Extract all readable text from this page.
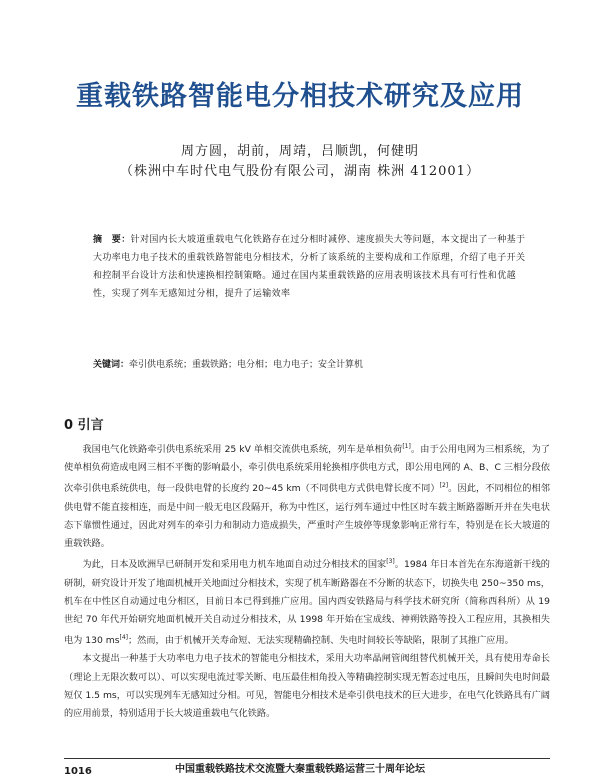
重载铁路智能电分相技术研究及应用
周方圆，胡前，周靖，吕顺凯，何健明
（株洲中车时代电气股份有限公司，湖南 株洲 412001）
摘　要：针对国内长大坡道重载电气化铁路存在过分相时减停、速度损失大等问题，本文提出了一种基于大功率电力电子技术的重载铁路智能电分相技术，分析了该系统的主要构成和工作原理，介绍了电子开关和控制平台设计方法和快速换相控制策略。通过在国内某重载铁路的应用表明该技术具有可行性和优越性，实现了列车无感知过分相，提升了运输效率
关键词：牵引供电系统；重载铁路；电分相；电力电子；安全计算机
0 引言

我国电气化铁路牵引供电系统采用 25 kV 单相交流供电系统，列车是单相负荷[1]。由于公用电网为三相系统，为了使单相负荷造成电网三相不平衡的影响最小，牵引供电系统采用轮换相序供电方式，即公用电网的 A、B、C 三相分段依次牵引供电系统供电，每一段供电臂的长度约 20~45 km（不同供电方式供电臂长度不同）[2]。因此，不同相位的相邻供电臂不能直接相连，而是中间一般无电区段隔开，称为中性区，运行列车通过中性区时车载主断路器断开并在失电状态下靠惯性通过，因此对列车的牵引力和制动力造成损失，严重时产生坡停等现象影响正常行车，特别是在长大坡道的重载铁路。

为此，日本及欧洲早已研制开发和采用电力机车地面自动过分相技术的国家[3]。1984 年日本首先在东海道新干线的研制，研究设计开发了地面机械开关地面过分相技术，实现了机车断路器在不分断的状态下，切换失电 250~350 ms，机车在中性区自动通过电分相区，目前日本已得到推广应用。国内西安铁路局与科学技术研究所（简称西科所）从 19 世纪 70 年代开始研究地面机械开关自动过分相技术，从 1998 年开始在宝成线、神朔铁路等投入工程应用，其换相失电为 130 ms[4]；然而，由于机械开关寿命短、无法实现精确控制、失电时间较长等缺陷，限制了其推广应用。

本文提出一种基于大功率电力电子技术的智能电分相技术，采用大功率晶闸管阀组替代机械开关，具有使用寿命长（理论上无限次数可以）、可以实现电流过零关断、电压最佳相角投入等精确控制实现无暂态过电压，且瞬间失电时间最短仅 1.5 ms，可以实现列车无感知过分相。可见，智能电分相技术是牵引供电技术的巨大进步，在电气化铁路具有广阔的应用前景，特别适用于长大坡道重载电气化铁路。

中国重载铁路技术交流暨大秦重载铁路运营三十周年论坛
1016
